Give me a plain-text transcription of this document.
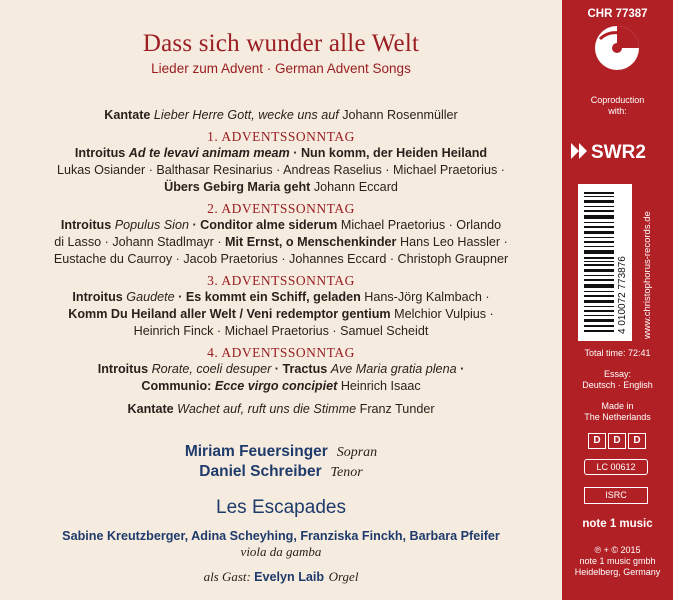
Dass sich wunder alle Welt
Lieder zum Advent · German Advent Songs
Kantate Lieber Herre Gott, wecke uns auf Johann Rosenmüller
1. ADVENTSSONNTAG
Introitus Ad te levavi animam meam · Nun komm, der Heiden Heiland
Lukas Osiander · Balthasar Resinarius · Andreas Raselius · Michael Praetorius ·
Übers Gebirg Maria geht Johann Eccard
2. ADVENTSSONNTAG
Introitus Populus Sion · Conditor alme siderum Michael Praetorius · Orlando
di Lasso · Johann Stadlmayr · Mit Ernst, o Menschenkinder Hans Leo Hassler ·
Eustache du Caurroy · Jacob Praetorius · Johannes Eccard · Christoph Graupner
3. ADVENTSSONNTAG
Introitus Gaudete · Es kommt ein Schiff, geladen Hans-Jörg Kalmbach ·
Komm Du Heiland aller Welt / Veni redemptor gentium Melchior Vulpius ·
Heinrich Finck · Michael Praetorius · Samuel Scheidt
4. ADVENTSSONNTAG
Introitus Rorate, coeli desuper · Tractus Ave Maria gratia plena ·
Communio: Ecce virgo concipiet Heinrich Isaac
Kantate Wachet auf, ruft uns die Stimme Franz Tunder
Miriam Feuersinger Sopran
Daniel Schreiber Tenor
Les Escapades
Sabine Kreutzberger, Adina Scheyhing, Franziska Finckh, Barbara Pfeifer
viola da gamba
als Gast: Evelyn Laib Orgel
CHR 77387
Coproduction
with:
SWR2
4 010072 773876 www.christophorus-records.de
Total time: 72:41
Essay:
Deutsch · English
Made in
The Netherlands
D	D	D
LC 00612
ISRC
note 1 music
℗ + © 2015
note 1 music gmbh
Heidelberg, Germany
